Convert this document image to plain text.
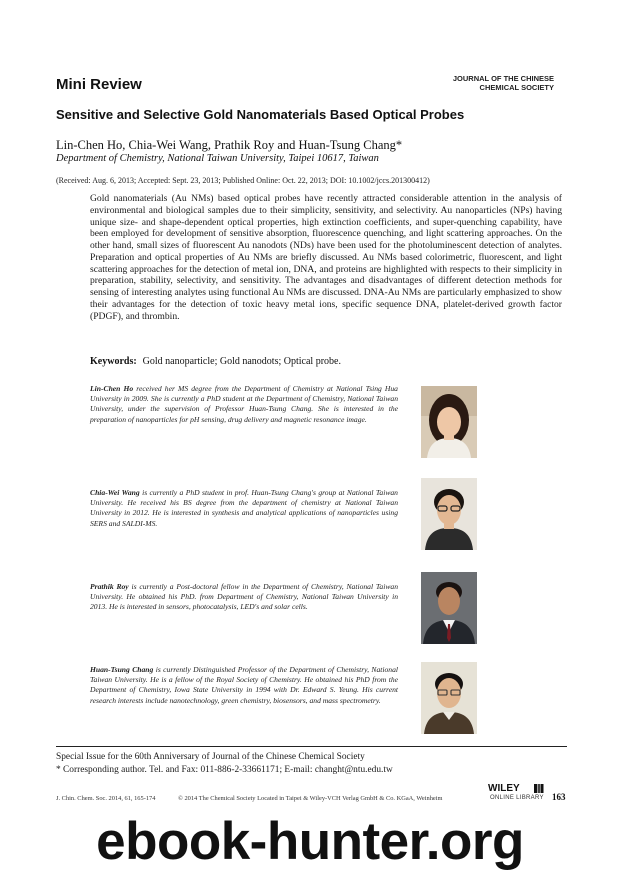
Mini Review	JOURNAL OF THE CHINESE
CHEMICAL SOCIETY
Sensitive and Selective Gold Nanomaterials Based Optical Probes
Lin-Chen Ho, Chia-Wei Wang, Prathik Roy and Huan-Tsung Chang*
Department of Chemistry, National Taiwan University, Taipei 10617, Taiwan
(Received: Aug. 6, 2013; Accepted: Sept. 23, 2013; Published Online: Oct. 22, 2013; DOI: 10.1002/jccs.201300412)

Gold nanomaterials (Au NMs) based optical probes have recently attracted considerable attention in the analysis of environmental and biological samples due to their simplicity, sensitivity, and selectivity. Au nanoparticles (NPs) having unique size- and shape-dependent optical properties, high extinction coefficients, and super-quenching capability, have been employed for development of sensitive absorption, fluorescence quenching, and light scattering approaches. On the other hand, small sizes of fluorescent Au nanodots (NDs) have been used for the photoluminescent detection of analytes. Preparation and optical properties of Au NMs are briefly discussed. Au NMs based colorimetric, fluorescent, and light scattering approaches for the detection of metal ion, DNA, and proteins are highlighted with respects to their simplicity in preparation, stability, selectivity, and sensitivity. The advantages and disadvantages of different detection methods for sensing of interesting analytes using functional Au NMs are discussed. DNA-Au NMs are particularly emphasized to show their advantages for the detection of toxic heavy metal ions, specific sequence DNA, platelet-derived growth factor (PDGF), and thrombin.

Keywords: Gold nanoparticle; Gold nanodots; Optical probe.

Lin-Chen Ho received her MS degree from the Department of Chemistry at National Tsing Hua University in 2009. She is currently a PhD student at the Department of Chemistry, National Taiwan University, under the supervision of Professor Huan-Tsung Chang. She is interested in the preparation of nanoparticles for pH sensing, drug delivery and magnetic resonance image.

Chia-Wei Wang is currently a PhD student in prof. Huan-Tsung Chang's group at National Taiwan University. He received his BS degree from the department of chemistry at National Taiwan University in 2012. He is interested in synthesis and analytical applications of nanoparticles using SERS and SALDI-MS.

Prathik Roy is currently a Post-doctoral fellow in the Department of Chemistry, National Taiwan University. He obtained his PhD. from Department of Chemistry, National Taiwan University in 2013. He is interested in sensors, photocatalysis, LED's and solar cells.

Huan-Tsung Chang is currently Distinguished Professor of the Department of Chemistry, National Taiwan University. He is a fellow of the Royal Society of Chemistry. He obtained his PhD from the Department of Chemistry, Iowa State University in 1994 with Dr. Edward S. Yeung. His current research interests include nanotechnology, green chemistry, biosensors, and mass spectrometry.

Special Issue for the 60th Anniversary of Journal of the Chinese Chemical Society
* Corresponding author. Tel. and Fax: 011-886-2-33661171; E-mail: changht@ntu.edu.tw
WILEY
ONLINE LIBRARY
J. Chin. Chem. Soc. 2014, 61, 165-174	© 2014 The Chemical Society Located in Taipei & Wiley-VCH Verlag GmbH & Co. KGaA, Weinheim	163
ebook-hunter.org
